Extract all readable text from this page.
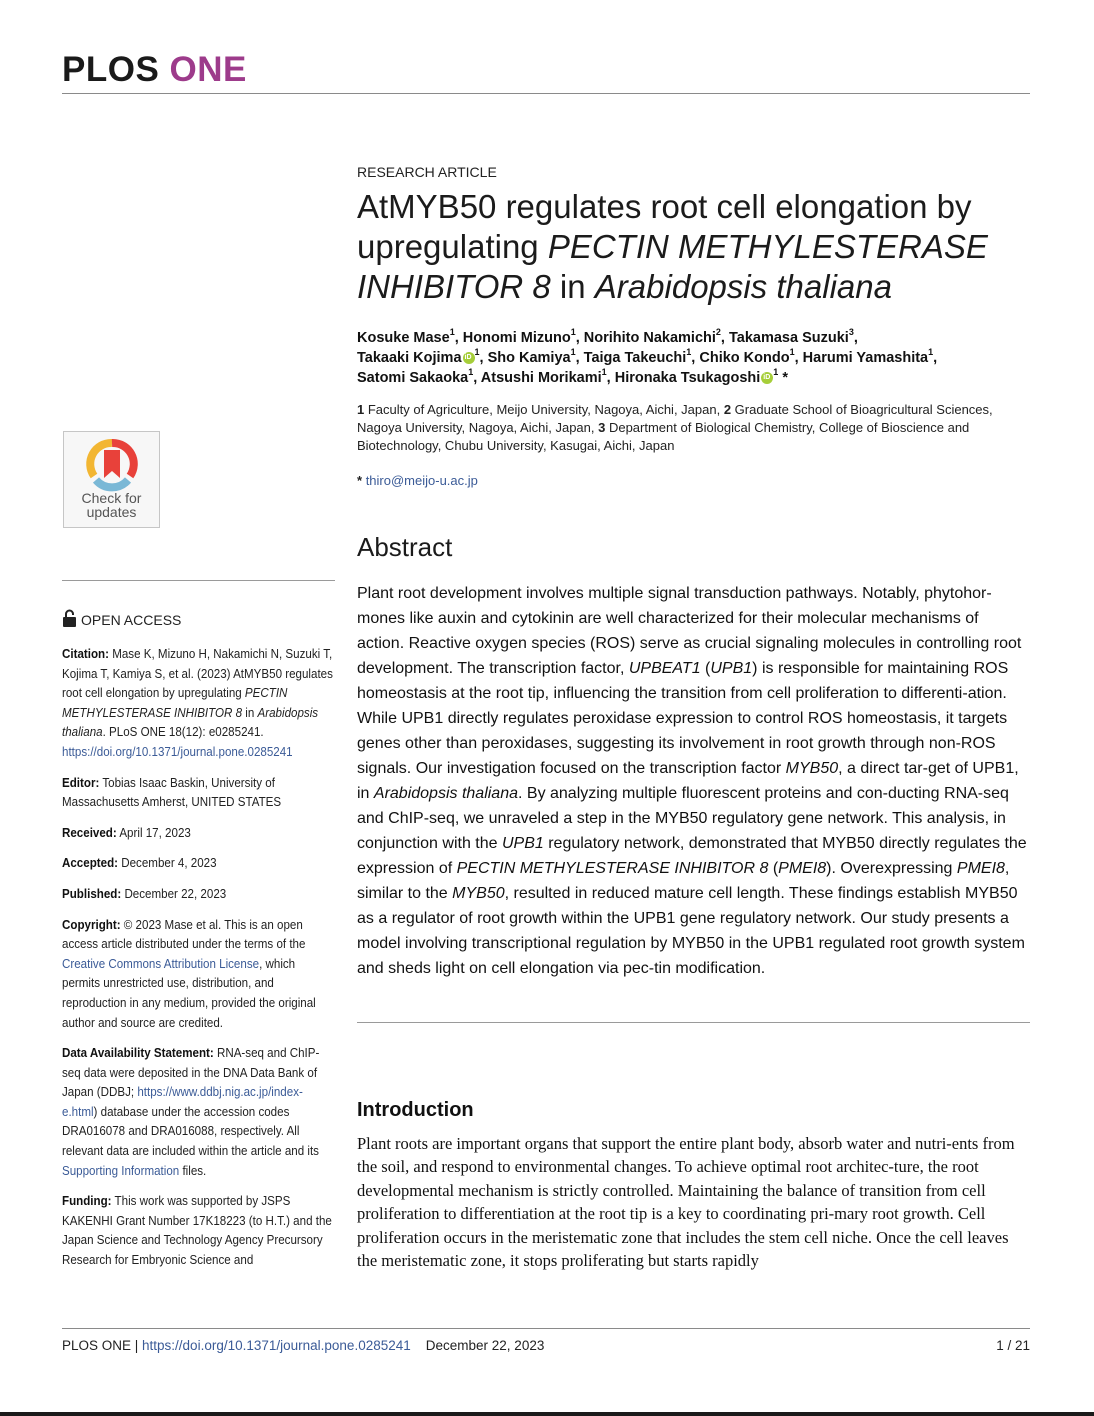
PLOS ONE
RESEARCH ARTICLE
AtMYB50 regulates root cell elongation by
upregulating PECTIN METHYLESTERASE
INHIBITOR 8 in Arabidopsis thaliana
Kosuke Mase$^1$, Honomi Mizuno$^1$, Norihito Nakamichi$^2$, Takamasa Suzuki$^3$,
Takaaki Kojima iD $^1$, Sho Kamiya$^1$, Taiga Takeuchi$^1$, Chiko Kondo$^1$, Harumi Yamashita$^1$,
Satomi Sakaoka$^1$, Atsushi Morikami$^1$, Hironaka Tsukagoshi iD $^1$ *
1 Faculty of Agriculture, Meijo University, Nagoya, Aichi, Japan, 2 Graduate School of Bioagricultural Sciences, Nagoya University, Nagoya, Aichi, Japan, 3 Department of Biological Chemistry, College of Bioscience and Biotechnology, Chubu University, Kasugai, Aichi, Japan
* thiro@meijo-u.ac.jp
Abstract
Plant root development involves multiple signal transduction pathways. Notably, phytohor-mones like auxin and cytokinin are well characterized for their molecular mechanisms of action. Reactive oxygen species (ROS) serve as crucial signaling molecules in controlling root development. The transcription factor, UPBEAT1 (UPB1) is responsible for maintaining ROS homeostasis at the root tip, influencing the transition from cell proliferation to differenti-ation. While UPB1 directly regulates peroxidase expression to control ROS homeostasis, it targets genes other than peroxidases, suggesting its involvement in root growth through non-ROS signals. Our investigation focused on the transcription factor MYB50, a direct tar-get of UPB1, in Arabidopsis thaliana. By analyzing multiple fluorescent proteins and con-ducting RNA-seq and ChIP-seq, we unraveled a step in the MYB50 regulatory gene network. This analysis, in conjunction with the UPB1 regulatory network, demonstrated that MYB50 directly regulates the expression of PECTIN METHYLESTERASE INHIBITOR 8 (PMEI8). Overexpressing PMEI8, similar to the MYB50, resulted in reduced mature cell length. These findings establish MYB50 as a regulator of root growth within the UPB1 gene regulatory network. Our study presents a model involving transcriptional regulation by MYB50 in the UPB1 regulated root growth system and sheds light on cell elongation via pec-tin modification.
Introduction
Plant roots are important organs that support the entire plant body, absorb water and nutri-ents from the soil, and respond to environmental changes. To achieve optimal root architec-ture, the root developmental mechanism is strictly controlled. Maintaining the balance of transition from cell proliferation to differentiation at the root tip is a key to coordinating pri-mary root growth. Cell proliferation occurs in the meristematic zone that includes the stem cell niche. Once the cell leaves the meristematic zone, it stops proliferating but starts rapidly
Check for
updates
OPEN ACCESS
Citation: Mase K, Mizuno H, Nakamichi N, Suzuki T, Kojima T, Kamiya S, et al. (2023) AtMYB50 regulates root cell elongation by upregulating PECTIN METHYLESTERASE INHIBITOR 8 in Arabidopsis thaliana. PLoS ONE 18(12): e0285241. https://doi.org/10.1371/journal.pone.0285241
Editor: Tobias Isaac Baskin, University of Massachusetts Amherst, UNITED STATES
Received: April 17, 2023
Accepted: December 4, 2023
Published: December 22, 2023
Copyright: © 2023 Mase et al. This is an open access article distributed under the terms of the Creative Commons Attribution License, which permits unrestricted use, distribution, and reproduction in any medium, provided the original author and source are credited.
Data Availability Statement: RNA-seq and ChIP-seq data were deposited in the DNA Data Bank of Japan (DDBJ; https://www.ddbj.nig.ac.jp/index-e.html) database under the accession codes DRA016078 and DRA016088, respectively. All relevant data are included within the article and its Supporting Information files.
Funding: This work was supported by JSPS KAKENHI Grant Number 17K18223 (to H.T.) and the Japan Science and Technology Agency Precursory Research for Embryonic Science and
PLOS ONE | https://doi.org/10.1371/journal.pone.0285241 December 22, 2023	1 / 21
